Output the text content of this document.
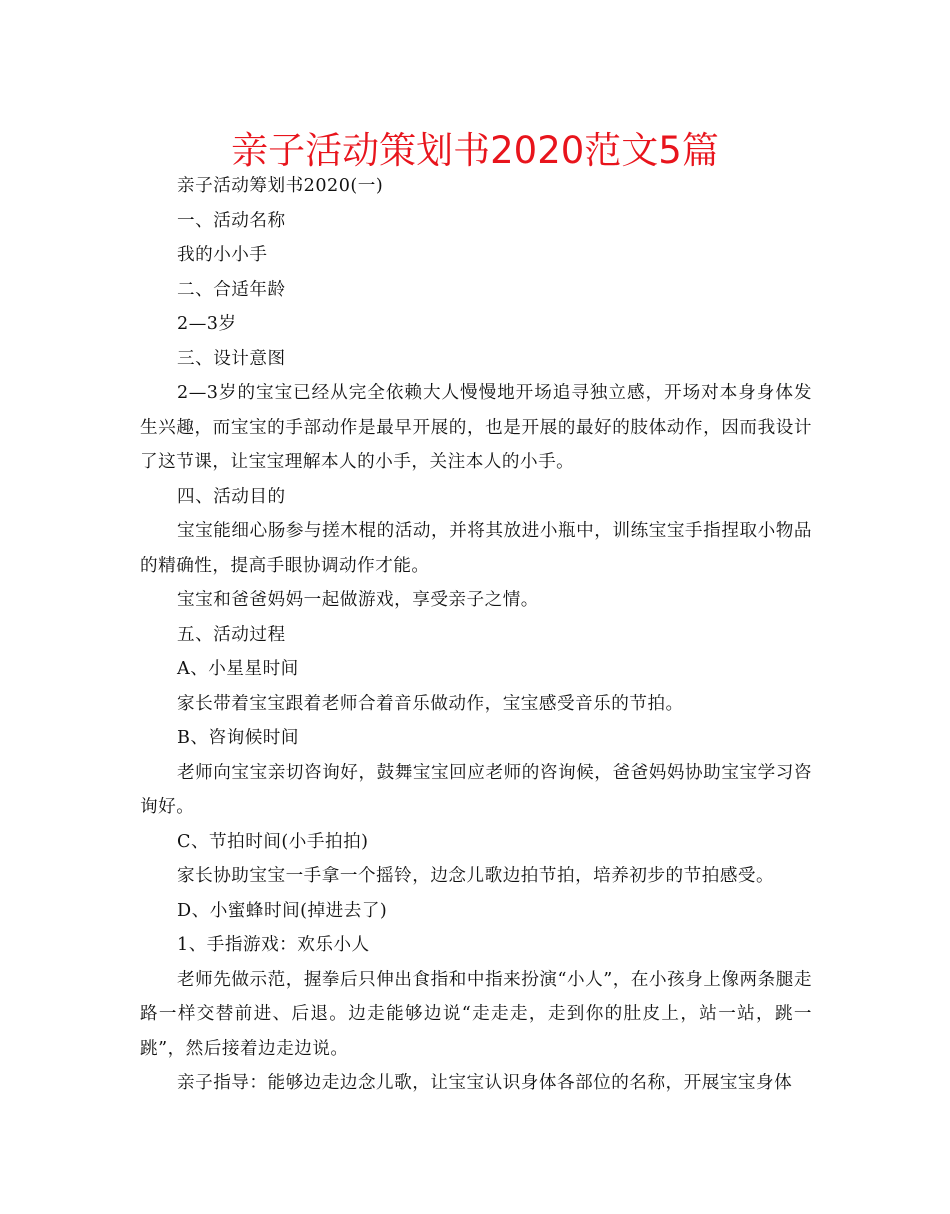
亲子活动策划书2020范文5篇

亲子活动筹划书2020(一)

一、活动名称

我的小小手

二、合适年龄

2—3岁

三、设计意图

2—3岁的宝宝已经从完全依赖大人慢慢地开场追寻独立感，开场对本身身体发生兴趣，而宝宝的手部动作是最早开展的，也是开展的最好的肢体动作，因而我设计了这节课，让宝宝理解本人的小手，关注本人的小手。

四、活动目的

宝宝能细心肠参与搓木棍的活动，并将其放进小瓶中，训练宝宝手指捏取小物品的精确性，提高手眼协调动作才能。

宝宝和爸爸妈妈一起做游戏，享受亲子之情。

五、活动过程

A、小星星时间

家长带着宝宝跟着老师合着音乐做动作，宝宝感受音乐的节拍。

B、咨询候时间

老师向宝宝亲切咨询好，鼓舞宝宝回应老师的咨询候，爸爸妈妈协助宝宝学习咨询好。

C、节拍时间(小手拍拍)

家长协助宝宝一手拿一个摇铃，边念儿歌边拍节拍，培养初步的节拍感受。

D、小蜜蜂时间(掉进去了)

1、手指游戏：欢乐小人

老师先做示范，握拳后只伸出食指和中指来扮演“小人”，在小孩身上像两条腿走路一样交替前进、后退。边走能够边说“走走走，走到你的肚皮上，站一站，跳一跳”，然后接着边走边说。

亲子指导：能够边走边念儿歌，让宝宝认识身体各部位的名称，开展宝宝身体
